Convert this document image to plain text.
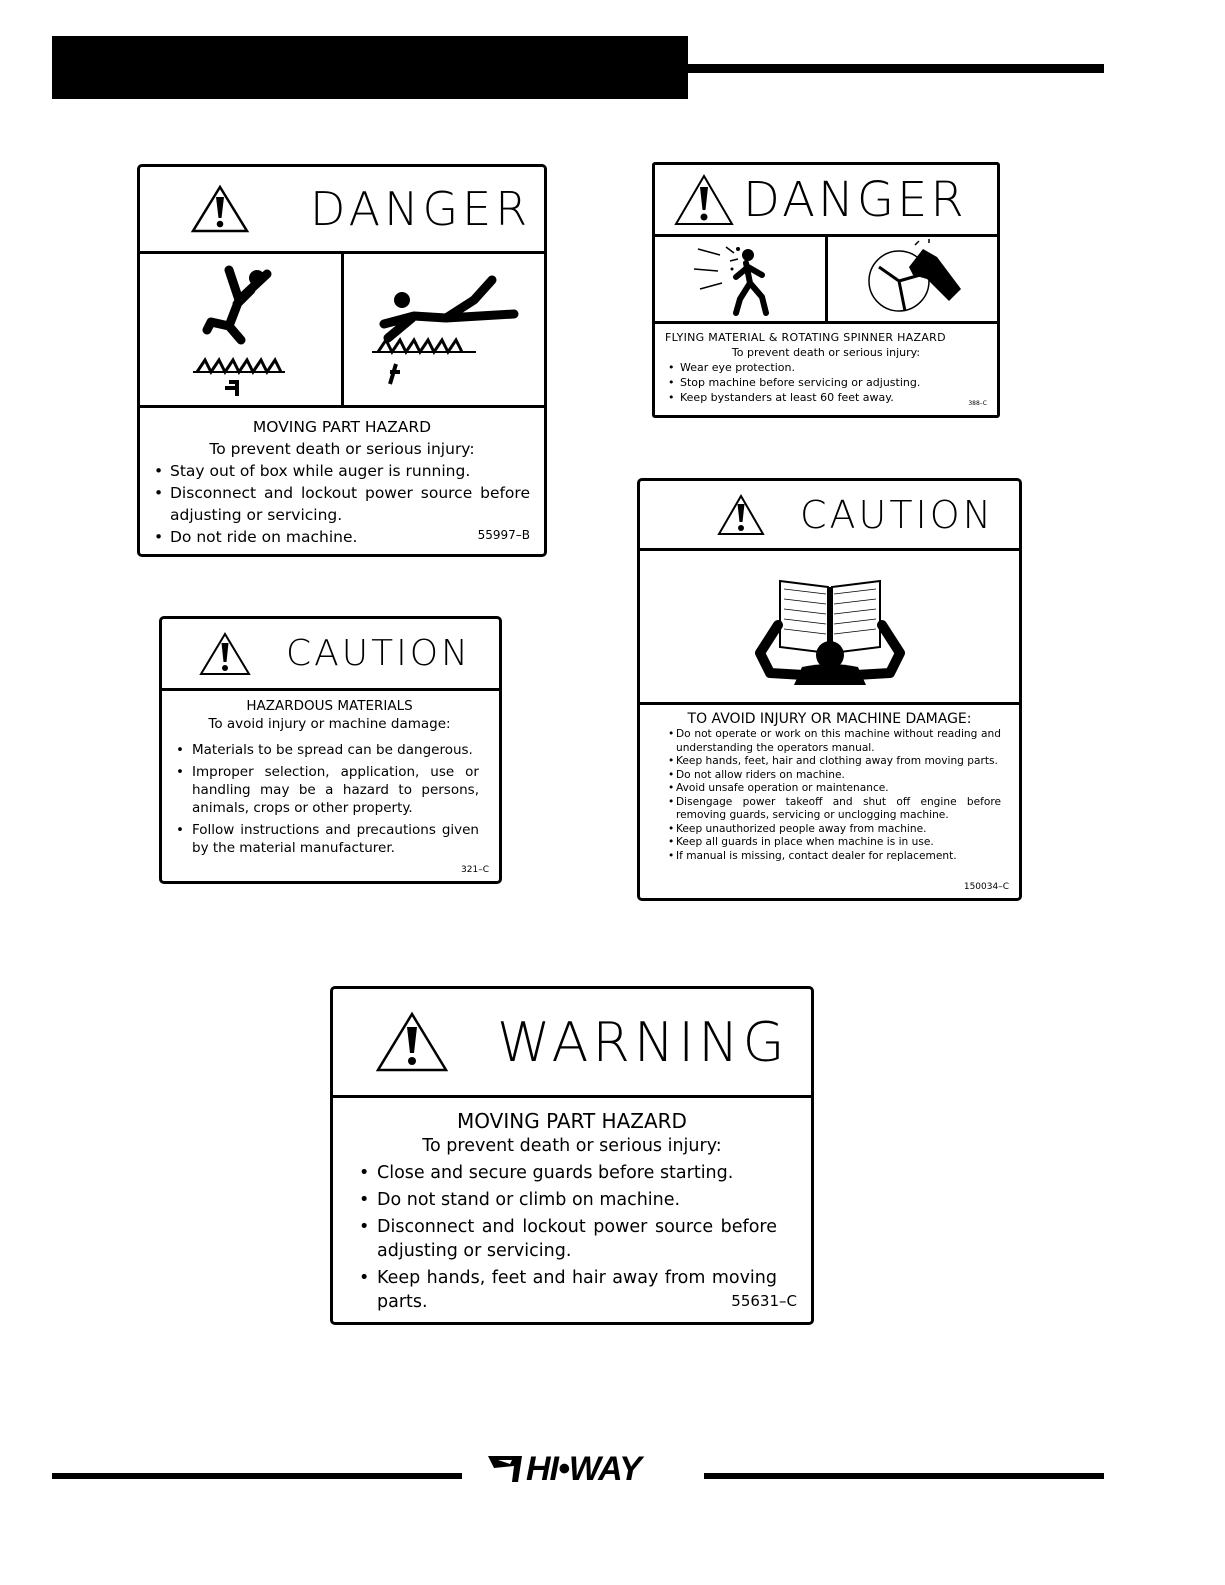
DANGER
MOVING PART HAZARD
To prevent death or serious injury:
• Stay out of box while auger is running.
• Disconnect and lockout power source before adjusting or servicing.
• Do not ride on machine.	55997–B
DANGER
FLYING MATERIAL & ROTATING SPINNER HAZARD
To prevent death or serious injury:
• Wear eye protection.
• Stop machine before servicing or adjusting.
• Keep bystanders at least 60 feet away.	388–C
CAUTION
HAZARDOUS MATERIALS
To avoid injury or machine damage:
• Materials to be spread can be dangerous.
• Improper selection, application, use or handling may be a hazard to persons, animals, crops or other property.
• Follow instructions and precautions given by the material manufacturer.
321–C
CAUTION
TO AVOID INJURY OR MACHINE DAMAGE:
• Do not operate or work on this machine without reading and understanding the operators manual.
• Keep hands, feet, hair and clothing away from moving parts.
• Do not allow riders on machine.
• Avoid unsafe operation or maintenance.
• Disengage power takeoff and shut off engine before removing guards, servicing or unclogging machine.
• Keep unauthorized people away from machine.
• Keep all guards in place when machine is in use.
• If manual is missing, contact dealer for replacement.
150034–C
WARNING
MOVING PART HAZARD
To prevent death or serious injury:
• Close and secure guards before starting.
• Do not stand or climb on machine.
• Disconnect and lockout power source before adjusting or servicing.
• Keep hands, feet and hair away from moving parts.	55631–C
HI•WAY
